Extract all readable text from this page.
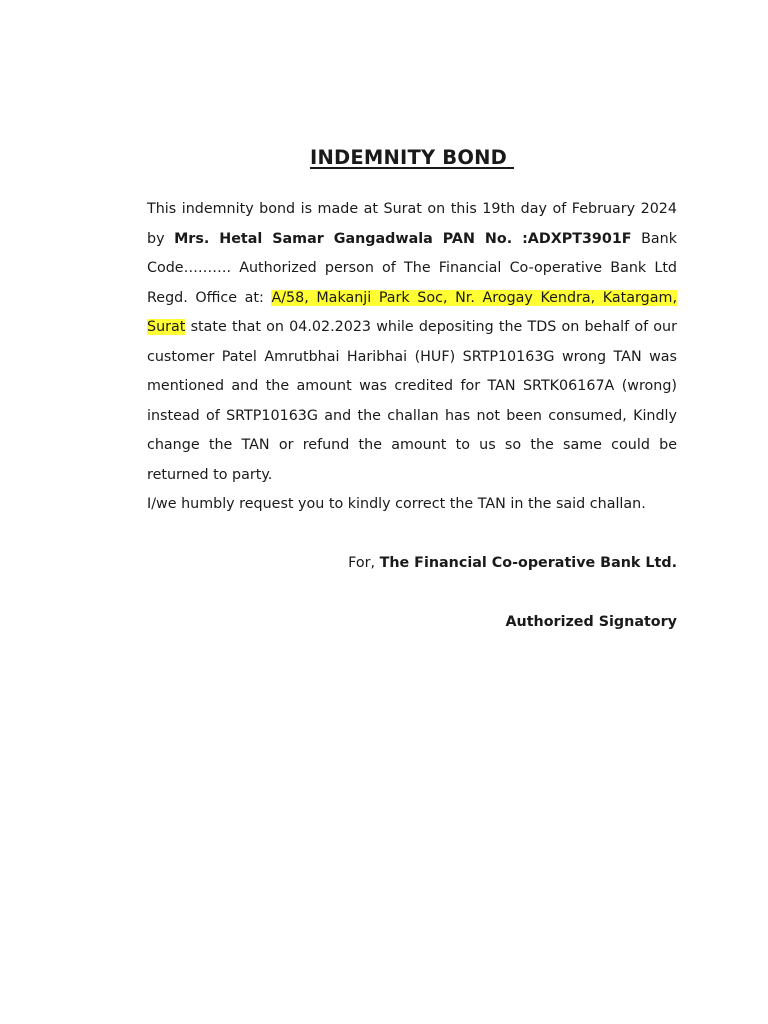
INDEMNITY BOND

This indemnity bond is made at Surat on this 19th day of February 2024 by Mrs. Hetal Samar Gangadwala PAN No. :ADXPT3901F Bank Code………. Authorized person of The Financial Co-operative Bank Ltd Regd. Office at: A/58, Makanji Park Soc, Nr. Arogay Kendra, Katargam, Surat state that on 04.02.2023 while depositing the TDS on behalf of our customer Patel Amrutbhai Haribhai (HUF) SRTP10163G wrong TAN was mentioned and the amount was credited for TAN SRTK06167A (wrong) instead of SRTP10163G and the challan has not been consumed, Kindly change the TAN or refund the amount to us so the same could be returned to party.

I/we humbly request you to kindly correct the TAN in the said challan.

For, The Financial Co-operative Bank Ltd.

Authorized Signatory
